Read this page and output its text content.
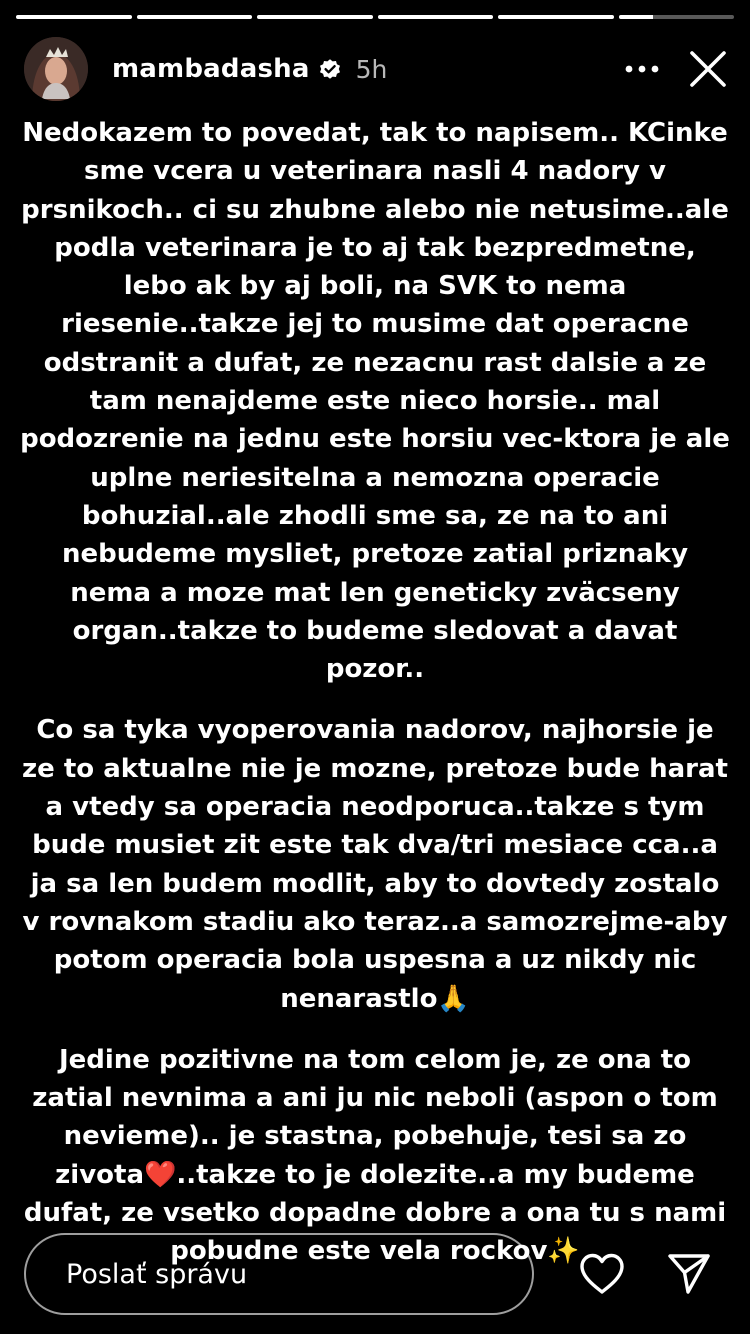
mambadasha 5h

Nedokazem to povedat, tak to napisem.. KCinke sme vcera u veterinara nasli 4 nadory v prsnikoch.. ci su zhubne alebo nie netusime..ale podla veterinara je to aj tak bezpredmetne, lebo ak by aj boli, na SVK to nema riesenie..takze jej to musime dat operacne odstranit a dufat, ze nezacnu rast dalsie a ze tam nenajdeme este nieco horsie.. mal podozrenie na jednu este horsiu vec-ktora je ale uplne neriesitelna a nemozna operacie bohuzial..ale zhodli sme sa, ze na to ani nebudeme mysliet, pretoze zatial priznaky nema a moze mat len geneticky zväcseny organ..takze to budeme sledovat a davat pozor..

Co sa tyka vyoperovania nadorov, najhorsie je ze to aktualne nie je mozne, pretoze bude harat a vtedy sa operacia neodporuca..takze s tym bude musiet zit este tak dva/tri mesiace cca..a ja sa len budem modlit, aby to dovtedy zostalo v rovnakom stadiu ako teraz..a samozrejme-aby potom operacia bola uspesna a uz nikdy nic nenarastlo🙏

Jedine pozitivne na tom celom je, ze ona to zatial nevnima a ani ju nic neboli (aspon o tom nevieme).. je stastna, pobehuje, tesi sa zo zivota❤️..takze to je dolezite..a my budeme dufat, ze vsetko dopadne dobre a ona tu s nami pobudne este vela rockov✨

Poslať správu
